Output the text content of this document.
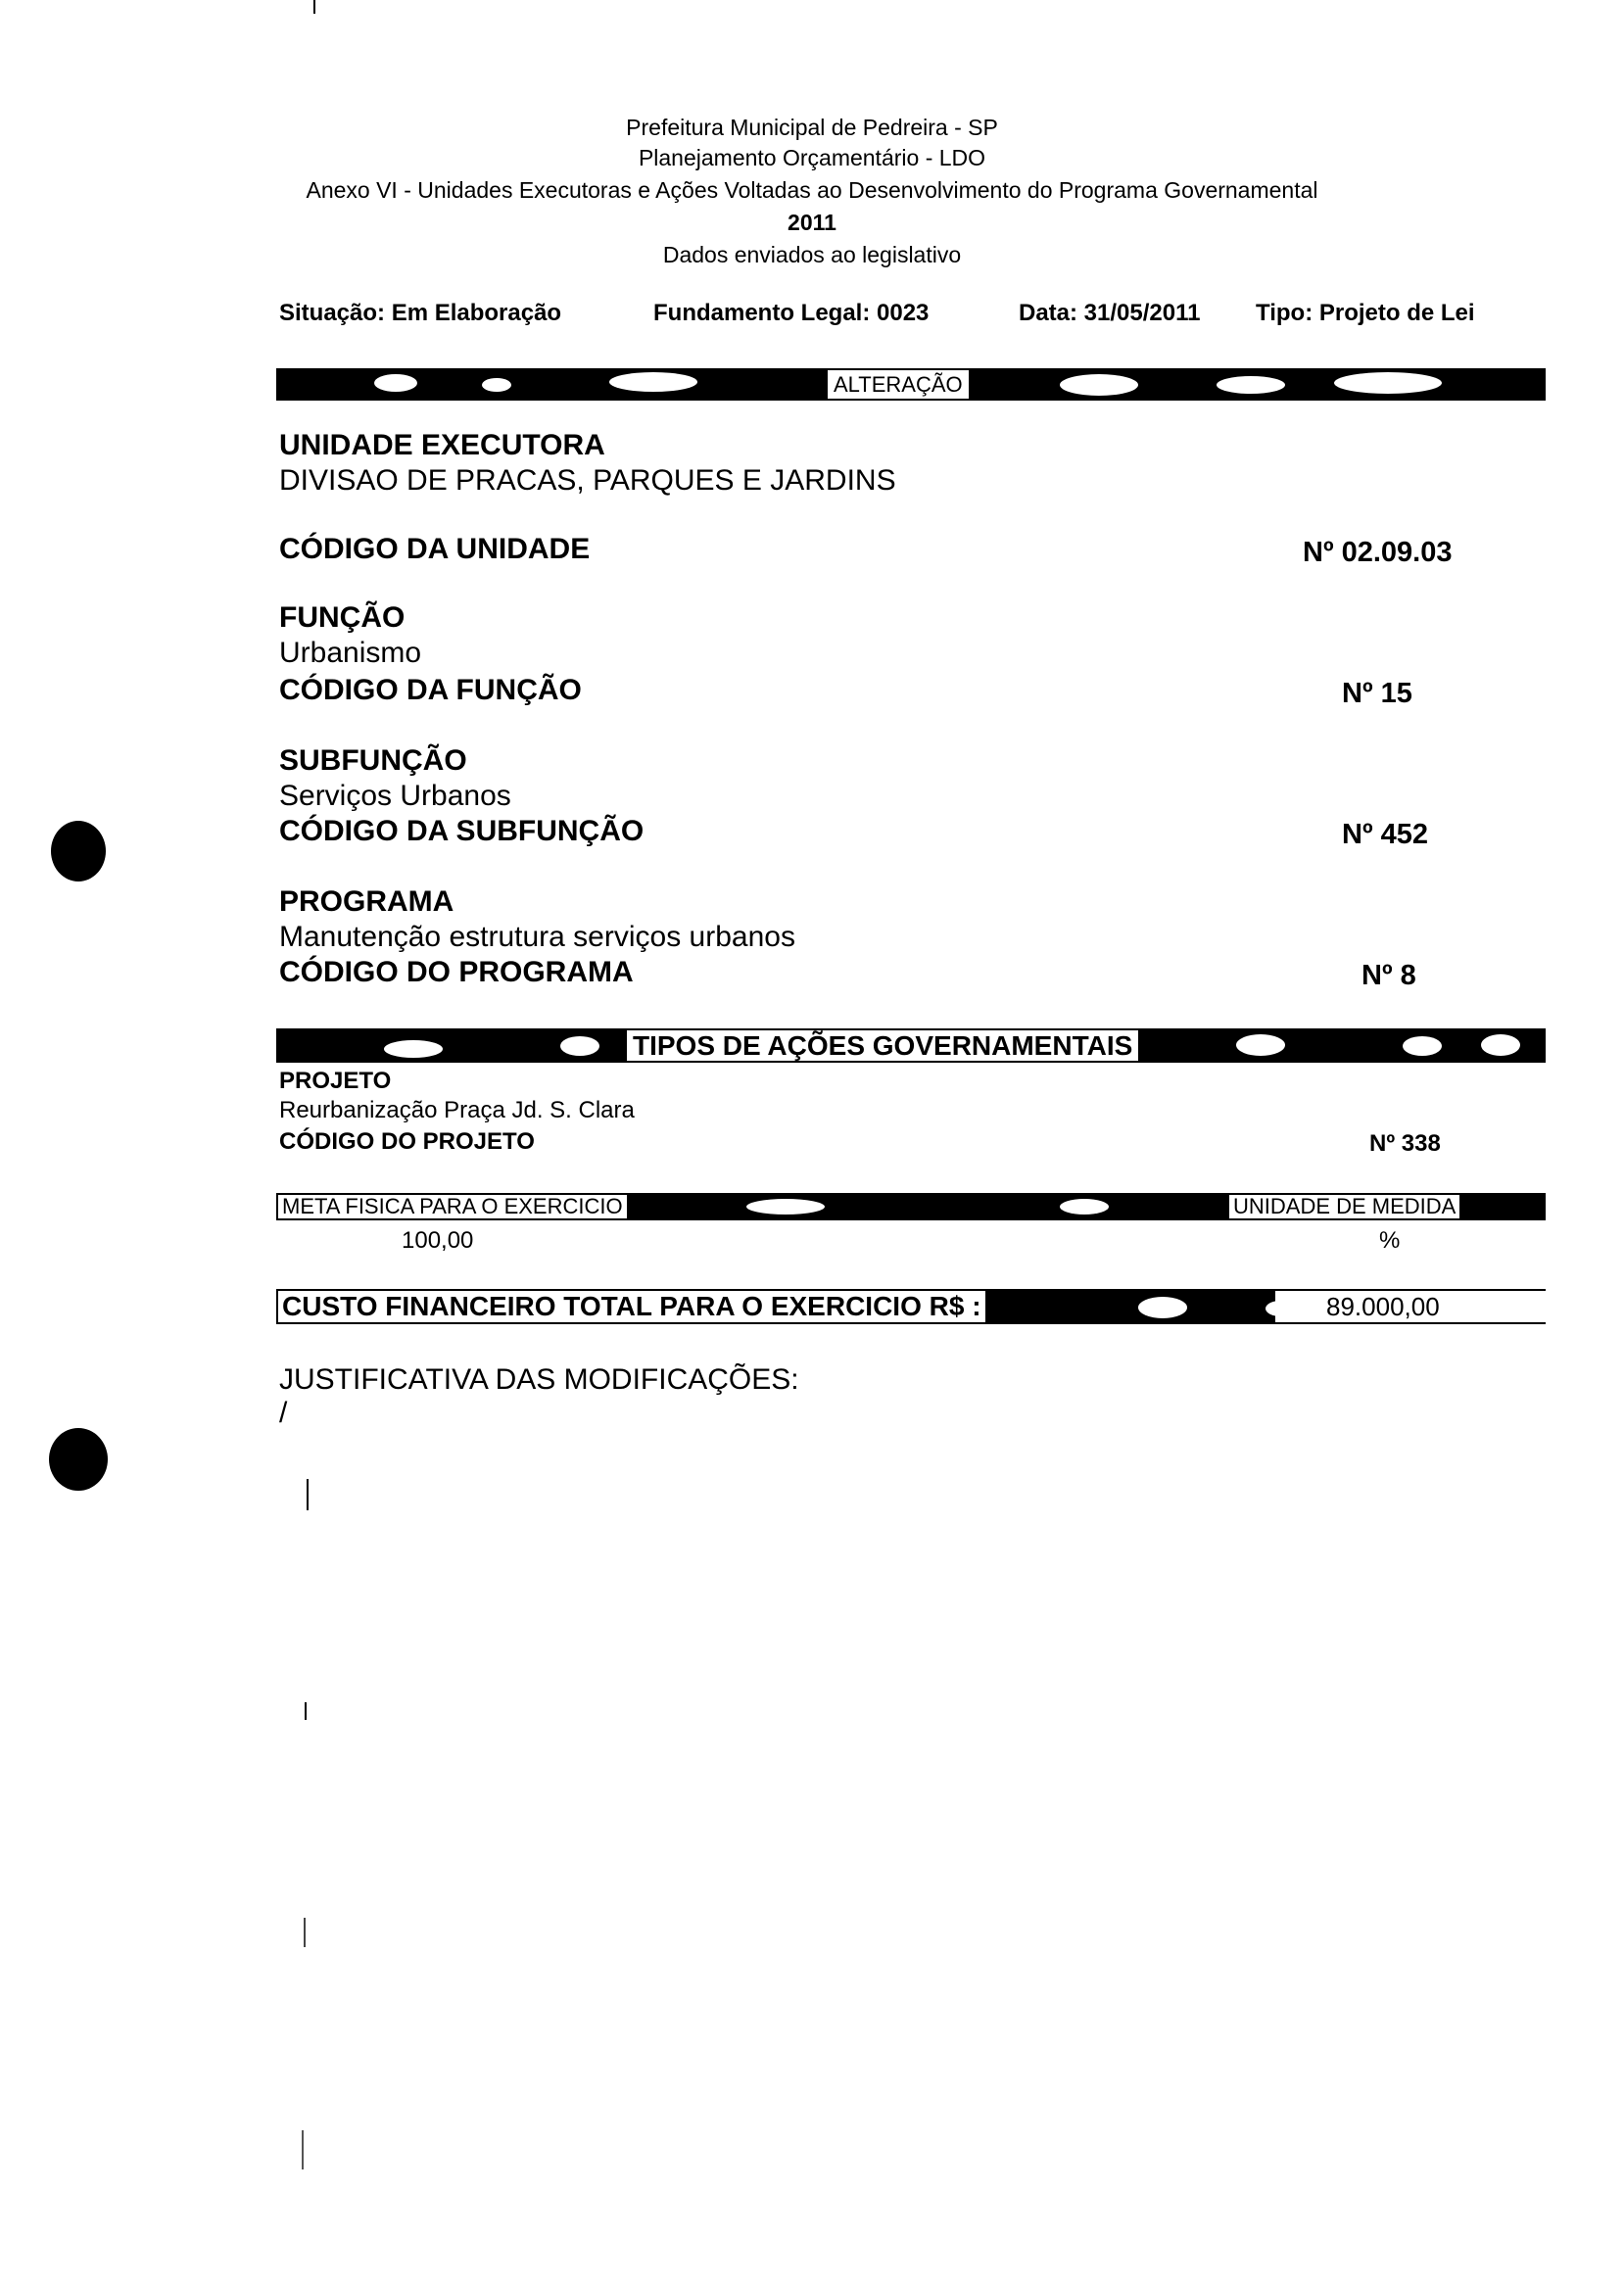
Prefeitura Municipal de Pedreira - SP
Planejamento Orçamentário - LDO
Anexo VI - Unidades Executoras e Ações Voltadas ao Desenvolvimento do Programa Governamental
2011
Dados enviados ao legislativo
Situação: Em Elaboração	Fundamento Legal: 0023	Data: 31/05/2011 Tipo: Projeto de Lei
ALTERAÇÃO
UNIDADE EXECUTORA
DIVISAO DE PRACAS, PARQUES E JARDINS
CÓDIGO DA UNIDADE	Nº 02.09.03
FUNÇÃO
Urbanismo
CÓDIGO DA FUNÇÃO	Nº 15
SUBFUNÇÃO
Serviços Urbanos
CÓDIGO DA SUBFUNÇÃO	Nº 452
PROGRAMA
Manutenção estrutura serviços urbanos
CÓDIGO DO PROGRAMA	Nº 8
TIPOS DE AÇÕES GOVERNAMENTAIS
PROJETO
Reurbanização Praça Jd. S. Clara
CÓDIGO DO PROJETO	Nº 338
META FISICA PARA O EXERCICIO	UNIDADE DE MEDIDA
100,00	%
CUSTO FINANCEIRO TOTAL PARA O EXERCICIO R$ :	89.000,00
JUSTIFICATIVA DAS MODIFICAÇÕES:
/
